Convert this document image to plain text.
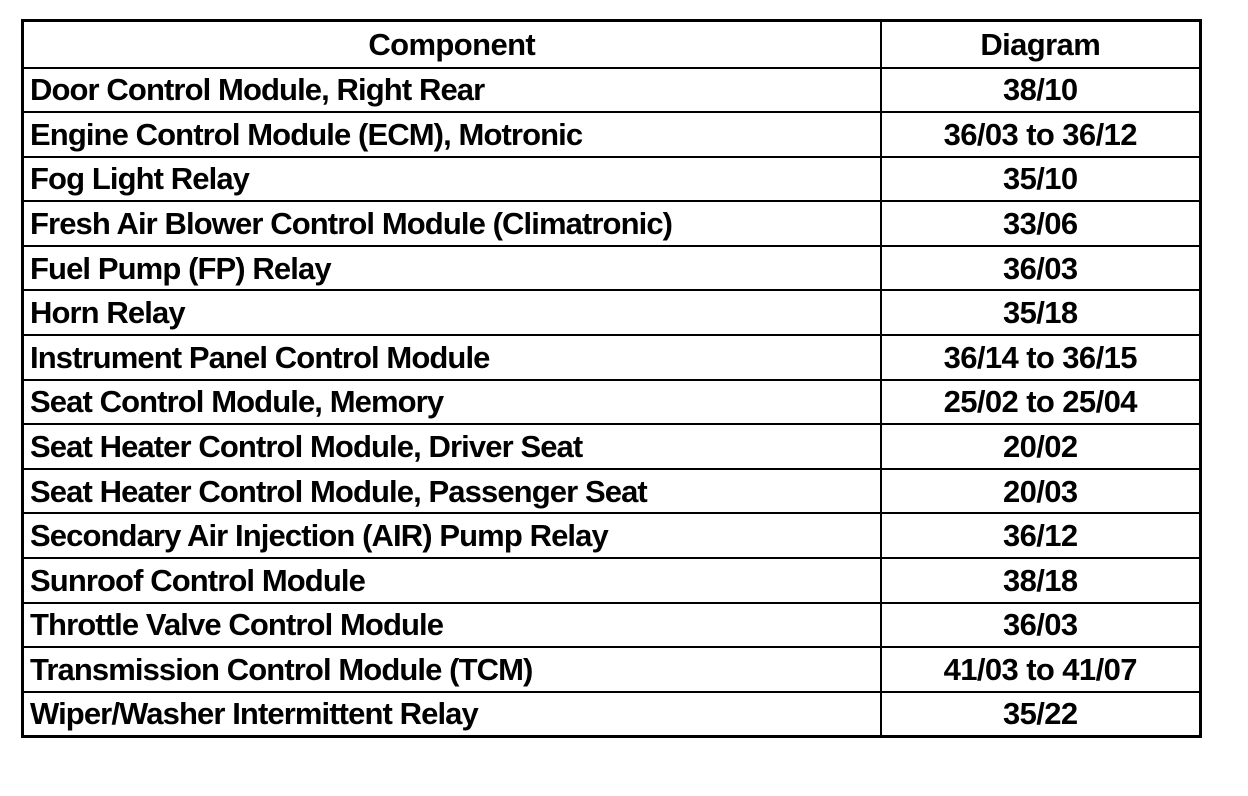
Component	Diagram
Door Control Module, Right Rear	38/10
Engine Control Module (ECM), Motronic	36/03 to 36/12
Fog Light Relay	35/10
Fresh Air Blower Control Module (Climatronic)	33/06
Fuel Pump (FP) Relay	36/03
Horn Relay	35/18
Instrument Panel Control Module	36/14 to 36/15
Seat Control Module, Memory	25/02 to 25/04
Seat Heater Control Module, Driver Seat	20/02
Seat Heater Control Module, Passenger Seat	20/03
Secondary Air Injection (AIR) Pump Relay	36/12
Sunroof Control Module	38/18
Throttle Valve Control Module	36/03
Transmission Control Module (TCM)	41/03 to 41/07
Wiper/Washer Intermittent Relay	35/22
